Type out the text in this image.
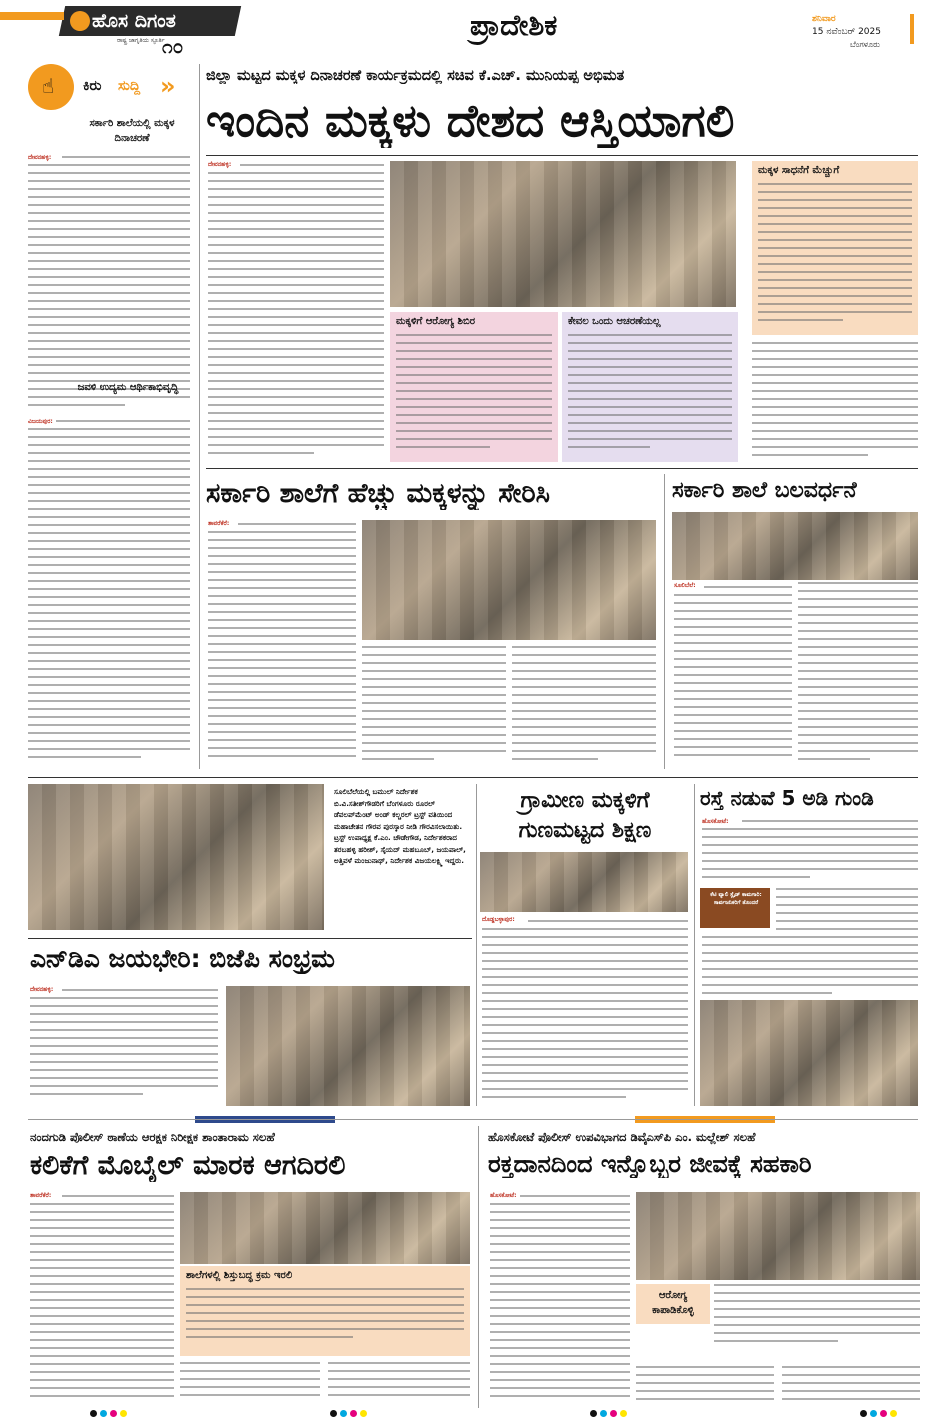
ಹೊಸ ದಿಗಂತ
ರಾಷ್ಟ್ರ ಜಾಗೃತಿಯ ಸ್ಫೂರ್ತಿ
೧೦
ಪ್ರಾದೇಶಿಕ	ಶನಿವಾರ
15 ನವೆಂಬರ್ 2025
ಬೆಂಗಳೂರು
☝ ಕಿರು ಸುದ್ದಿ »
ಸರ್ಕಾರಿ ಶಾಲೆಯಲ್ಲಿ ಮಕ್ಕಳ ದಿನಾಚರಣೆ
ದೇವನಹಳ್ಳಿ:
ಜವಳಿ ಉದ್ಯಮ ಆರ್ಥಿಕಾಭಿವೃದ್ಧಿ
ವಿಜಯಪುರ:
ಜಿಲ್ಲಾ ಮಟ್ಟದ ಮಕ್ಕಳ ದಿನಾಚರಣೆ ಕಾರ್ಯಕ್ರಮದಲ್ಲಿ ಸಚಿವ ಕೆ.ಎಚ್. ಮುನಿಯಪ್ಪ ಅಭಿಮತ
ಇಂದಿನ ಮಕ್ಕಳು ದೇಶದ ಆಸ್ತಿಯಾಗಲಿ
ದೇವನಹಳ್ಳಿ:
ಮಕ್ಕಳ ಸಾಧನೆಗೆ ಮೆಚ್ಚುಗೆ
ಮಕ್ಕಳಿಗೆ ಆರೋಗ್ಯ ಶಿಬಿರ	ಕೇವಲ ಒಂದು ಆಚರಣೆಯಲ್ಲ
ಸರ್ಕಾರಿ ಶಾಲೆಗೆ ಹೆಚ್ಚು ಮಕ್ಕಳನ್ನು ಸೇರಿಸಿ
ತಾವರೆಕೆರೆ:
ಸರ್ಕಾರಿ ಶಾಲೆ ಬಲವರ್ಧನೆ
ಸೂಲಿಬೆಲೆ:
ಸೂಲಿಬೆಲೆಯಲ್ಲಿ ಬಮುಲ್ ನಿರ್ದೇಶಕ ಬಿ.ವಿ.ಸತೀಶ್‌ಗೌಡರಿಗೆ ಬೆಂಗಳೂರು ರೂರಲ್ ಡೆವಲಪ್‌ಮೆಂಟ್ ಅಂಡ್ ಕಲ್ಚರಲ್ ಟ್ರಸ್ಟ್ ವತಿಯಿಂದ ಮಹಾಚೇತನ ಗೌರವ ಪುರಸ್ಕಾರ ನೀಡಿ ಗೌರವಿಸಲಾಯಿತು. ಟ್ರಸ್ಟ್ ಉಪಾಧ್ಯಕ್ಷ ಕೆ.ಎಂ. ಚೌಡೇಗೌಡ, ನಿರ್ದೇಶಕರಾದ ತರಬಹಳ್ಳಿ ಹರೀಶ್, ಸೈಯದ್ ಮಹಬೂಬ್, ಜಯಪಾಲ್, ಅತ್ತಿವಳೆ ಮಂಜುನಾಥ್, ನಿರ್ದೇಶಕ ವಿಜಯಲಕ್ಷ್ಮಿ ಇದ್ದರು.
ಗ್ರಾಮೀಣ ಮಕ್ಕಳಿಗೆ ಗುಣಮಟ್ಟದ ಶಿಕ್ಷಣ
ದೊಡ್ಡಬಳ್ಳಾಪುರ:
ರಸ್ತೆ ನಡುವೆ 5 ಅಡಿ ಗುಂಡಿ
ಹೊಸಕೋಟೆ:
ಕೆಟಿ ವ್ಯಾಲಿ ಸ್ಲೈಡ್ ಕಾಮಗಾರಿ: ಸಾರ್ವಜನಿಕರಿಗೆ ತೊಂದರೆ
ಎನ್‌ಡಿಎ ಜಯಭೇರಿ: ಬಿಜೆಪಿ ಸಂಭ್ರಮ
ದೇವನಹಳ್ಳಿ:
ನಂದಗುಡಿ ಪೊಲೀಸ್ ಠಾಣೆಯ ಆರಕ್ಷಕ ನಿರೀಕ್ಷಕ ಶಾಂತಾರಾಮ ಸಲಹೆ
ಕಲಿಕೆಗೆ ಮೊಬೈಲ್ ಮಾರಕ ಆಗದಿರಲಿ
ತಾವರೆಕೆರೆ:
ಶಾಲೆಗಳಲ್ಲಿ ಶಿಸ್ತುಬದ್ಧ ಕ್ರಮ ಇರಲಿ
ಹೊಸಕೋಟೆ ಪೊಲೀಸ್ ಉಪವಿಭಾಗದ ಡಿವೈಎಸ್‌ಪಿ ಎಂ. ಮಲ್ಲೇಶ್ ಸಲಹೆ
ರಕ್ತದಾನದಿಂದ ಇನ್ನೊಬ್ಬರ ಜೀವಕ್ಕೆ ಸಹಕಾರಿ
ಹೊಸಕೋಟೆ:
ಆರೋಗ್ಯ ಕಾಪಾಡಿಕೊಳ್ಳಿ
